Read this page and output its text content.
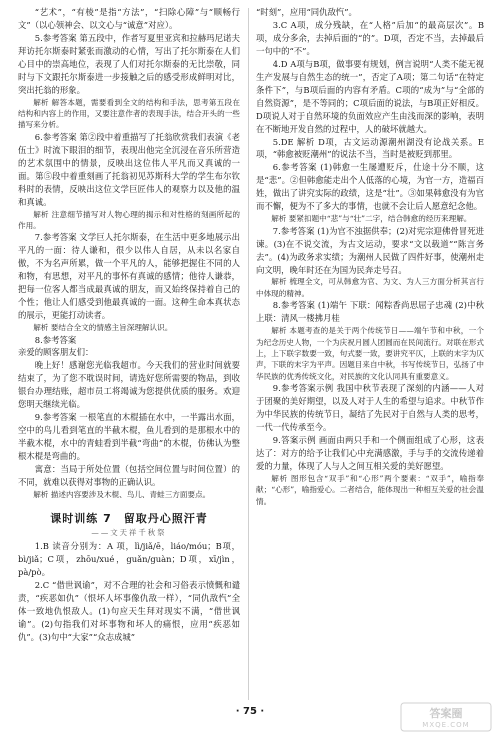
“艺术”，“有棱”是指“方法”，“扫除心障”与“顺畅行文”（以心领神会、以文心与“诚意”对应）。

5.参考答案 第五段中，作者写夏里亚宾和拉赫玛尼诺夫拜访托尔斯泰时紧张而激动的心情，写出了托尔斯泰在人们心目中的崇高地位，表现了人们对托尔斯泰的无比崇敬，同时与下文跟托尔斯泰进一步接触之后的感受形成鲜明对比，突出托翁的形象。

解析 解答本题，需要看到全文的结构和手法，思考第五段在结构和内容上的作用，又要注意作者的表现手法，结合开头的一些描写来分析。

6.参考答案 第②段中着重描写了托翁欣赏我们表演《老伍士》时流下眼泪的细节，表现出他完全沉浸在音乐所营造的艺术氛围中的情景，反映出这位伟人平凡而又真诚的一面。第⑤段中着重刻画了托翁初见苏斯科大学的学生布尔钦科时的表情，反映出这位文学巨匠伟人的观察力以及他的温和真诚。

解析 注意细节描写对人物心理的揭示和对性格的刻画所起的作用。

7.参考答案 文学巨人托尔斯泰，在生活中更多地展示出平凡的一面：待人谦和，很少以伟人自居，从未以名家自傲，不为名声所累，做一个平凡的人，能够把握住不同的人和物，有思想，对平凡的事怀有真诚的感情；他待人谦恭，把每一位客人都当成最真诚的朋友，而又始终保持着自己的个性；他让人们感受到他最真诚的一面。这种生命本真状态的展示，更能打动读者。

解析 要结合全文的情感主旨深理解认识。

8.参考答案

亲爱的顾客朋友们：

晚上好！感谢您光临我超市。今天我们的营业时间就要结束了，为了您不耽误时间，请选好您所需要的物品，到收银台办理结账，超市员工将竭诚为您提供优质的服务。欢迎您明天继续光临。

9.参考答案 一根笔直的木棍插在水中，一半露出水面，空中的鸟儿看到笔直的半截木棍，鱼儿看到的是那根水中的半截木棍，水中的青蛙看到半截“弯曲”的木棍，仿佛认为整根木棍是弯曲的。

寓意：当局于所处位置（包括空间位置与时间位置）的不同，就难以获得对事物的正确认识。

解析 描述内容要涉及木棍、鸟儿、青蛙三方面要点。

课时训练 7　留取丹心照汗青
——文天祥千秋祭

1.B 读音分别为：A 项，lì/jiǎ/ē，liáo/móu；B项，bì/jiǎ；C项，zhōu/xué，guǎn/guàn；D项，xī/jìn，pà/pò。

2.C “借世讽谕”，对不合理的社会和习俗表示愤慨和谴责，“疾恶如仇”（恨坏人坏事像仇敌一样），“同仇敌忾”全体一致地仇恨敌人。(1)句应天生拜对现实不满，“借世讽谕”。(2)句指我们对坏事物和坏人的痛恨，应用“疾恶如仇”。(3)句中“大家”“众志成城”

“时刻”，应用“同仇敌忾”。

3.C A项，成分残缺，在“人格”后加“的最高层次”。B项，成分多余，去掉后面的“的”。D项，否定不当，去掉最后一句中的“不”。

4.D A项与B项，做事要有规划，例言说明“人类不能无视生产发展与自然生态的统一”，否定了A项；第二句话“在特定条件下”，与B项后面的内容有矛盾。C项的“成为”与“全部的自然资源”，是不等同的；C项后面的说法，与B项正好相反。D项说人对于自然环境的负面效应产生由浅而深的影响，表明在不断地开发自然的过程中，人的破坏就越大。

5.DE 解析 D项，古文运动源潮州湖没有论战关系。E项，“韩愈被贬潮州”的说法不当，当时是被贬到那里。

6.参考答案 (1)韩愈一生屡遭贬斥，仕途十分不顺，这是“悲”。②但韩愈能走出个人低落的心境，为官一方，造福百姓，做出了讲究实际的政绩，这是“壮”。③如果韩愈没有为官而不懈，便为不了多大的事情，也就不会让后人愿意纪念他。

解析 要紧扣题中“悲”与“壮”二字，结合韩愈的经历来理解。

7.参考答案 (1)为官不浊据供奉；(2)对宪宗迎佛骨冒死进谏。(3)在不说交流，为古文运动，要求“文以载道”“陈言务去”。(4)为政务求实绩；为潮州人民做了四件好事，使潮州走向文明，晚年时还在为国为民奔走号召。

解析 梳理全文，可从韩愈为官、为文、为人三方面分析其言行中体现的精神。

8.参考答案 (1)端午 下联：闻粽香尚思屈子忠魂 (2)中秋 上联：清风一楼拂月桂

解析 本题考查的是关于两个传统节日——端午节和中秋，一个为纪念历史人物，一个为庆祝月圆人团圆而在民间流行。对联在形式上，上下联字数要一致，句式要一致，要讲究平仄，上联的末字为仄声，下联的末字为平声。因题目来自中秋，书写传统节日，弘扬了中华民族的优秀传统文化，对民族的文化认同具有重要意义。

9.参考答案示例 我国中秋节表现了深刻的内涵——人对于团聚的美好期望，以及人对于人生的希望与追求。中秋节作为中华民族的传统节日，凝结了先民对于自然与人类的思考，一代一代传承至今。

9.答案示例 画面由两只手和一个侧面组成了心形，这表达了：对方的给予让我们心中充满感激，手与手的交流传递着爱的力量，体现了人与人之间互相关爱的美好愿望。

解析 图形包含“双手”和“心形”两个要素：“双手”，喻指奉献；“心形”，喻指爱心。二者结合，能体现出一种相互关爱的社会温情。

· 75 ·	答案圈
MXQE.COM
